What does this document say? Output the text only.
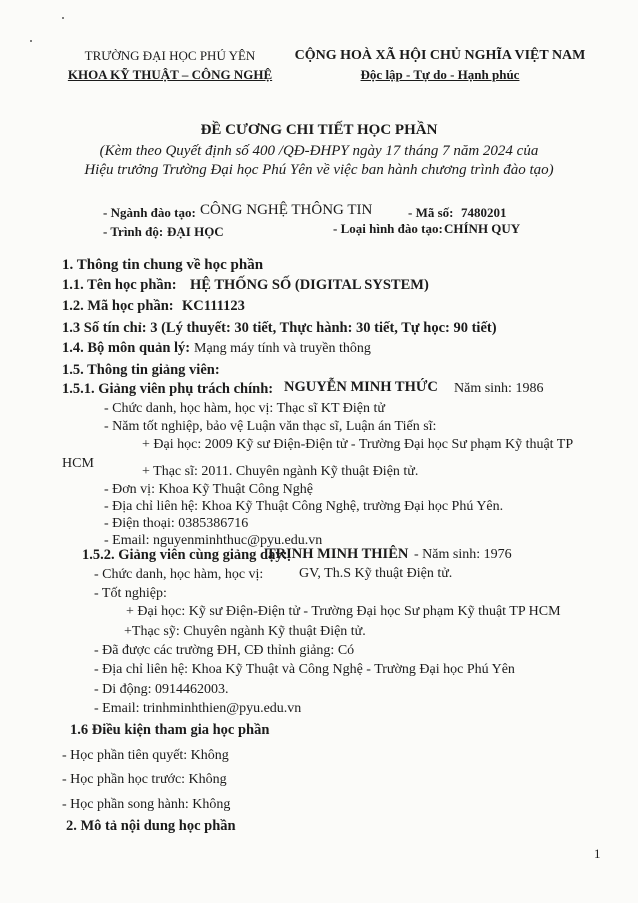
TRƯỜNG ĐẠI HỌC PHÚ YÊN
KHOA KỸ THUẬT – CÔNG NGHỆ
CỘNG HOÀ XÃ HỘI CHỦ NGHĨA VIỆT NAM
Độc lập - Tự do - Hạnh phúc
ĐỀ CƯƠNG CHI TIẾT HỌC PHẦN
(Kèm theo Quyết định số 400 /QĐ-ĐHPY ngày 17 tháng 7 năm 2024 của
Hiệu trưởng Trường Đại học Phú Yên về việc ban hành chương trình đào tạo)
- Ngành đào tạo: CÔNG NGHỆ THÔNG TIN	- Mã số: 7480201
- Trình độ: ĐẠI HỌC	- Loại hình đào tạo: CHÍNH QUY
1. Thông tin chung về học phần
1.1. Tên học phần: HỆ THỐNG SỐ (DIGITAL SYSTEM)
1.2. Mã học phần: KC111123
1.3 Số tín chỉ: 3 (Lý thuyết: 30 tiết, Thực hành: 30 tiết, Tự học: 90 tiết)
1.4. Bộ môn quản lý: Mạng máy tính và truyền thông
1.5. Thông tin giảng viên:
1.5.1. Giảng viên phụ trách chính: NGUYỄN MINH THỨC Năm sinh: 1986
- Chức danh, học hàm, học vị: Thạc sĩ KT Điện tử
- Năm tốt nghiệp, bảo vệ Luận văn thạc sĩ, Luận án Tiến sĩ:
+ Đại học: 2009 Kỹ sư Điện-Điện tử - Trường Đại học Sư phạm Kỹ thuật TP
HCM
+ Thạc sĩ: 2011. Chuyên ngành Kỹ thuật Điện tử.
- Đơn vị: Khoa Kỹ Thuật Công Nghệ
- Địa chỉ liên hệ: Khoa Kỹ Thuật Công Nghệ, trường Đại học Phú Yên.
- Điện thoại: 0385386716
- Email: nguyenminhthuc@pyu.edu.vn
1.5.2. Giảng viên cùng giảng dạy:
TRỊNH MINH THIÊN - Năm sinh: 1976
- Chức danh, học hàm, học vị:	GV, Th.S Kỹ thuật Điện tử.
- Tốt nghiệp:
+ Đại học: Kỹ sư Điện-Điện tử - Trường Đại học Sư phạm Kỹ thuật TP HCM
+Thạc sỹ: Chuyên ngành Kỹ thuật Điện tử.
- Đã được các trường ĐH, CĐ thỉnh giảng: Có
- Địa chỉ liên hệ: Khoa Kỹ Thuật và Công Nghệ - Trường Đại học Phú Yên
- Di động: 0914462003.
- Email: trinhminhthien@pyu.edu.vn
1.6 Điều kiện tham gia học phần
- Học phần tiên quyết: Không
- Học phần học trước: Không
- Học phần song hành: Không
2. Mô tả nội dung học phần
1
